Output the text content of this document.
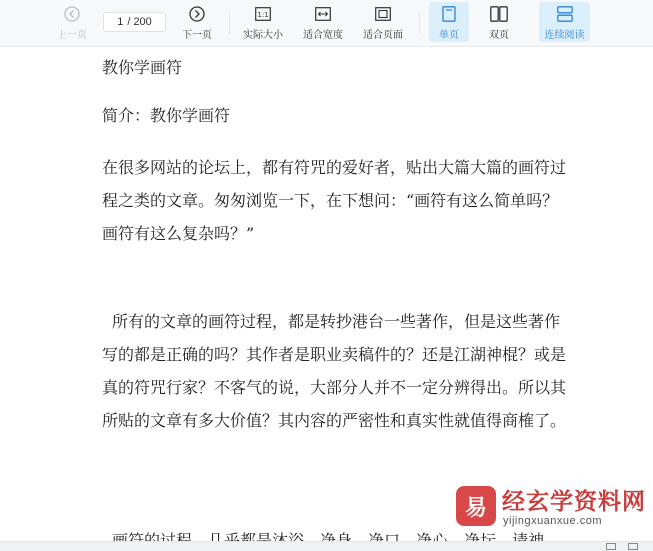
上一页
1 / 200
下一页
1:1
实际大小 适合宽度 适合页面	单页	双页	连续阅读

教你学画符

简介：教你学画符

在很多网站的论坛上，都有符咒的爱好者，贴出大篇大篇的画符过程之类的文章。匆匆浏览一下，在下想问：“画符有这么简单吗？画符有这么复杂吗？”

所有的文章的画符过程，都是转抄港台一些著作，但是这些著作写的都是正确的吗？其作者是职业卖稿件的？还是江湖神棍？或是真的符咒行家？不客气的说，大部分人并不一定分辨得出。所以其所贴的文章有多大价值？其内容的严密性和真实性就值得商榷了。

易 经玄学资料网
yijingxuanxue.com
